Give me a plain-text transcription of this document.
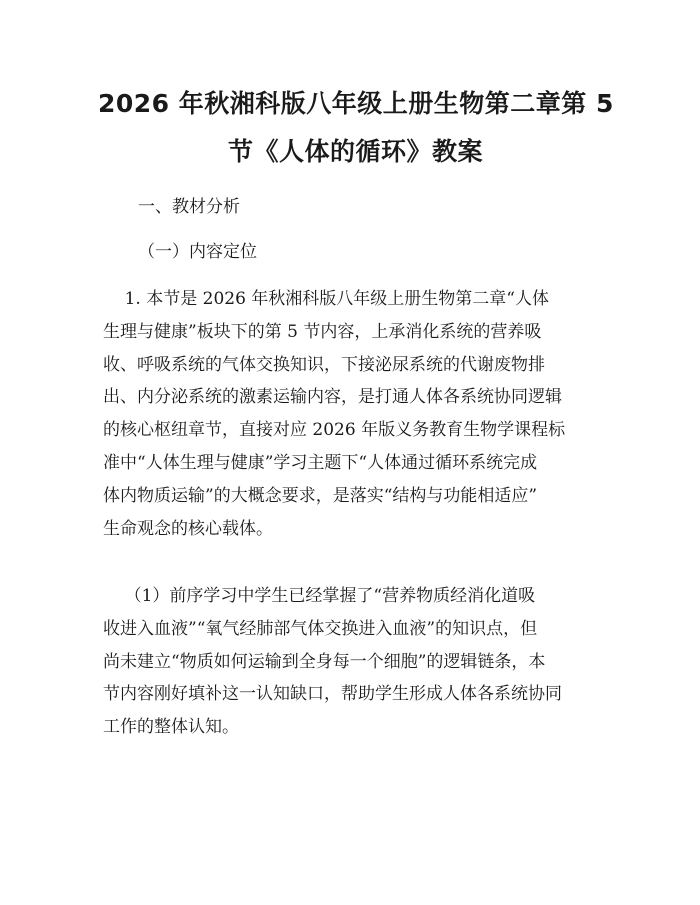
2026 年秋湘科版八年级上册生物第二章第 5
节《人体的循环》教案
一、教材分析
（一）内容定位
1. 本节是 2026 年秋湘科版八年级上册生物第二章“人体
生理与健康”板块下的第 5 节内容，上承消化系统的营养吸
收、呼吸系统的气体交换知识，下接泌尿系统的代谢废物排
出、内分泌系统的激素运输内容，是打通人体各系统协同逻辑
的核心枢纽章节，直接对应 2026 年版义务教育生物学课程标
准中“人体生理与健康”学习主题下“人体通过循环系统完成
体内物质运输”的大概念要求，是落实“结构与功能相适应”
生命观念的核心载体。
（1）前序学习中学生已经掌握了“营养物质经消化道吸
收进入血液”“氧气经肺部气体交换进入血液”的知识点，但
尚未建立“物质如何运输到全身每一个细胞”的逻辑链条，本
节内容刚好填补这一认知缺口，帮助学生形成人体各系统协同
工作的整体认知。
